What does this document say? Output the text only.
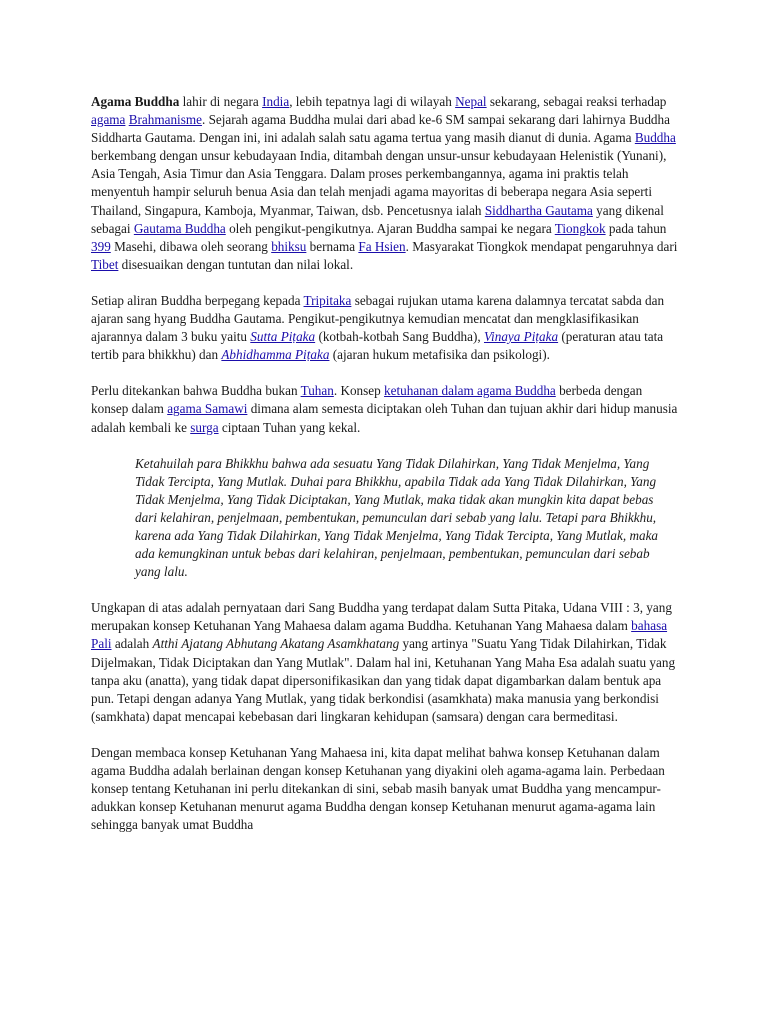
Agama Buddha lahir di negara India, lebih tepatnya lagi di wilayah Nepal sekarang, sebagai reaksi terhadap agama Brahmanisme. Sejarah agama Buddha mulai dari abad ke-6 SM sampai sekarang dari lahirnya Buddha Siddharta Gautama. Dengan ini, ini adalah salah satu agama tertua yang masih dianut di dunia. Agama Buddha berkembang dengan unsur kebudayaan India, ditambah dengan unsur-unsur kebudayaan Helenistik (Yunani), Asia Tengah, Asia Timur dan Asia Tenggara. Dalam proses perkembangannya, agama ini praktis telah menyentuh hampir seluruh benua Asia dan telah menjadi agama mayoritas di beberapa negara Asia seperti Thailand, Singapura, Kamboja, Myanmar, Taiwan, dsb. Pencetusnya ialah Siddhartha Gautama yang dikenal sebagai Gautama Buddha oleh pengikut-pengikutnya. Ajaran Buddha sampai ke negara Tiongkok pada tahun 399 Masehi, dibawa oleh seorang bhiksu bernama Fa Hsien. Masyarakat Tiongkok mendapat pengaruhnya dari Tibet disesuaikan dengan tuntutan dan nilai lokal.

Setiap aliran Buddha berpegang kepada Tripitaka sebagai rujukan utama karena dalamnya tercatat sabda dan ajaran sang hyang Buddha Gautama. Pengikut-pengikutnya kemudian mencatat dan mengklasifikasikan ajarannya dalam 3 buku yaitu Sutta Piṭaka (kotbah-kotbah Sang Buddha), Vinaya Piṭaka (peraturan atau tata tertib para bhikkhu) dan Abhidhamma Piṭaka (ajaran hukum metafisika dan psikologi).

Perlu ditekankan bahwa Buddha bukan Tuhan. Konsep ketuhanan dalam agama Buddha berbeda dengan konsep dalam agama Samawi dimana alam semesta diciptakan oleh Tuhan dan tujuan akhir dari hidup manusia adalah kembali ke surga ciptaan Tuhan yang kekal.

Ketahuilah para Bhikkhu bahwa ada sesuatu Yang Tidak Dilahirkan, Yang Tidak Menjelma, Yang Tidak Tercipta, Yang Mutlak. Duhai para Bhikkhu, apabila Tidak ada Yang Tidak Dilahirkan, Yang Tidak Menjelma, Yang Tidak Diciptakan, Yang Mutlak, maka tidak akan mungkin kita dapat bebas dari kelahiran, penjelmaan, pembentukan, pemunculan dari sebab yang lalu. Tetapi para Bhikkhu, karena ada Yang Tidak Dilahirkan, Yang Tidak Menjelma, Yang Tidak Tercipta, Yang Mutlak, maka ada kemungkinan untuk bebas dari kelahiran, penjelmaan, pembentukan, pemunculan dari sebab yang lalu.

Ungkapan di atas adalah pernyataan dari Sang Buddha yang terdapat dalam Sutta Pitaka, Udana VIII : 3, yang merupakan konsep Ketuhanan Yang Mahaesa dalam agama Buddha. Ketuhanan Yang Mahaesa dalam bahasa Pali adalah Atthi Ajatang Abhutang Akatang Asamkhatang yang artinya "Suatu Yang Tidak Dilahirkan, Tidak Dijelmakan, Tidak Diciptakan dan Yang Mutlak". Dalam hal ini, Ketuhanan Yang Maha Esa adalah suatu yang tanpa aku (anatta), yang tidak dapat dipersonifikasikan dan yang tidak dapat digambarkan dalam bentuk apa pun. Tetapi dengan adanya Yang Mutlak, yang tidak berkondisi (asamkhata) maka manusia yang berkondisi (samkhata) dapat mencapai kebebasan dari lingkaran kehidupan (samsara) dengan cara bermeditasi.

Dengan membaca konsep Ketuhanan Yang Mahaesa ini, kita dapat melihat bahwa konsep Ketuhanan dalam agama Buddha adalah berlainan dengan konsep Ketuhanan yang diyakini oleh agama-agama lain. Perbedaan konsep tentang Ketuhanan ini perlu ditekankan di sini, sebab masih banyak umat Buddha yang mencampur-adukkan konsep Ketuhanan menurut agama Buddha dengan konsep Ketuhanan menurut agama-agama lain sehingga banyak umat Buddha
